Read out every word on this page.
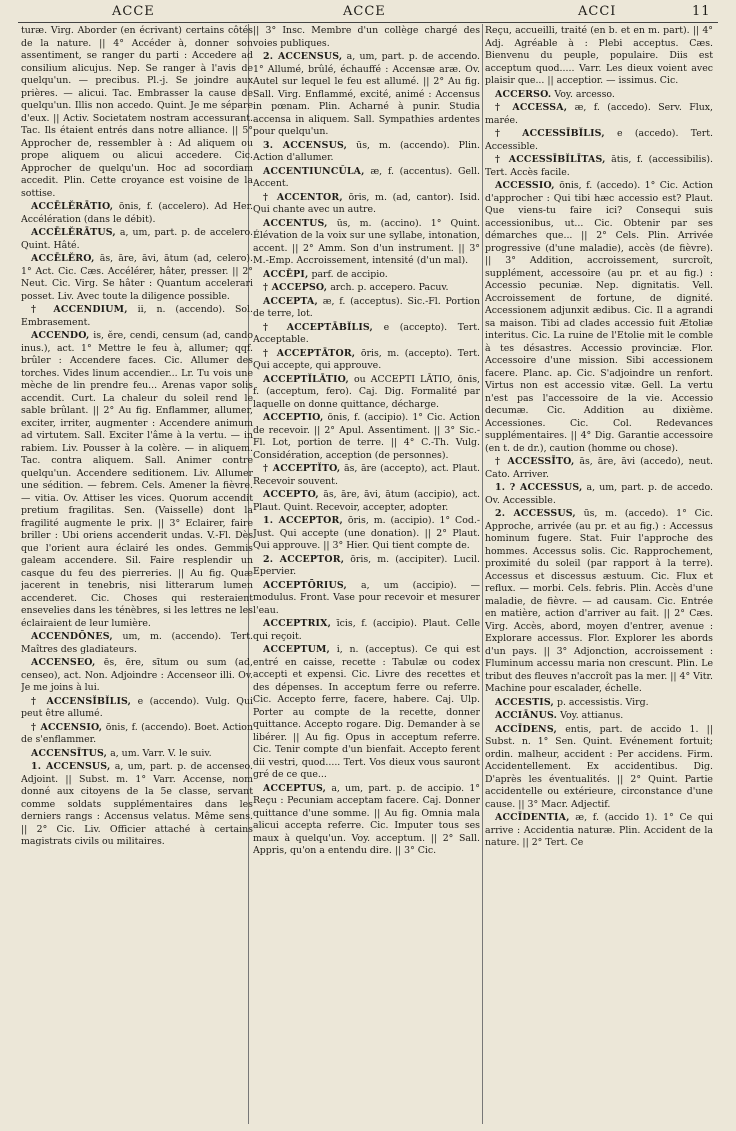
ACCE	ACCE	ACCI	11

turæ. Virg. Aborder (en écrivant) certains côtés de la nature. || 4° Accéder à, donner son assentiment, se ranger du parti : Accedere ad consilium alicujus. Nep. Se ranger à l'avis de quelqu'un. — precibus. Pl.-j. Se joindre aux prières. — alicui. Tac. Embrasser la cause de quelqu'un. Illis non accedo. Quint. Je me sépare d'eux. || Activ. Societatem nostram accessurant. Tac. Ils étaient entrés dans notre alliance. || 5° Approcher de, ressembler à : Ad aliquem ou prope aliquem ou alicui accedere. Cic. Approcher de quelqu'un. Hoc ad socordiam accedit. Plin. Cette croyance est voisine de la sottise.

ACCĒLĔRĀTIO, ōnis, f. (accelero). Ad Her. Accélération (dans le débit).

ACCĒLĔRĀTUS, a, um, part. p. de accelero. Quint. Hâté.

ACCĒLĔRO, ās, āre, āvi, ātum (ad, celero). 1° Act. Cic. Cæs. Accélérer, hâter, presser. || 2° Neut. Cic. Virg. Se hâter : Quantum accelerari posset. Liv. Avec toute la diligence possible.

† ACCENDIUM, ii, n. (accendo). Sol. Embrasement.

ACCENDO, is, ĕre, cendi, censum (ad, cando inus.), act. 1° Mettre le feu à, allumer; qqf. brûler : Accendere faces. Cic. Allumer des torches. Vides linum accendier... Lr. Tu vois une mèche de lin prendre feu... Arenas vapor solis accendit. Curt. La chaleur du soleil rend le sable brûlant. || 2° Au fig. Enflammer, allumer, exciter, irriter, augmenter : Accendere animum ad virtutem. Sall. Exciter l'âme à la vertu. — in rabiem. Liv. Pousser à la colère. — in aliquem. Tac. contra aliquem. Sall. Animer contre quelqu'un. Accendere seditionem. Liv. Allumer une sédition. — febrem. Cels. Amener la fièvre. — vitia. Ov. Attiser les vices. Quorum accendit pretium fragilitas. Sen. (Vaisselle) dont la fragilité augmente le prix. || 3° Eclairer, faire briller : Ubi oriens accenderit undas. V.-Fl. Dès que l'orient aura éclairé les ondes. Gemmis galeam accendere. Sil. Faire resplendir un casque du feu des pierreries. || Au fig. Quæ jacerent in tenebris, nisi litterarum lumen accenderet. Cic. Choses qui resteraient ensevelies dans les ténèbres, si les lettres ne les éclairaient de leur lumière.

ACCENDŌNES, um, m. (accendo). Tert. Maîtres des gladiateurs.

ACCENSEO, ēs, ēre, sītum ou sum (ad, censeo), act. Non. Adjoindre : Accenseor illi. Ov. Je me joins à lui.

† ACCENSĬBĬLIS, e (accendo). Vulg. Qui peut être allumé.

† ACCENSIO, ōnis, f. (accendo). Boet. Action de s'enflammer.

ACCENSĪTUS, a, um. Varr. V. le suiv.

1. ACCENSUS, a, um, part. p. de accenseo. Adjoint. || Subst. m. 1° Varr. Accense, nom donné aux citoyens de la 5e classe, servant comme soldats supplémentaires dans les derniers rangs : Accensus velatus. Même sens. || 2° Cic. Liv. Officier attaché à certains magistrats civils ou militaires.

|| 3° Insc. Membre d'un collège chargé des voies publiques.

2. ACCENSUS, a, um, part. p. de accendo. 1° Allumé, brûlé, échauffé : Accensæ aræ. Ov. Autel sur lequel le feu est allumé. || 2° Au fig. Sall. Virg. Enflammé, excité, animé : Accensus in pœnam. Plin. Acharné à punir. Studia accensa in aliquem. Sall. Sympathies ardentes pour quelqu'un.

3. ACCENSUS, ūs, m. (accendo). Plin. Action d'allumer.

ACCENTIUNCŬLA, æ, f. (accentus). Gell. Accent.

† ACCENTOR, ōris, m. (ad, cantor). Isid. Qui chante avec un autre.

ACCENTUS, ūs, m. (accino). 1° Quint. Élévation de la voix sur une syllabe, intonation, accent. || 2° Amm. Son d'un instrument. || 3° M.-Emp. Accroissement, intensité (d'un mal).

ACCĒPI, parf. de accipio.

† ACCEPSO, arch. p. accepero. Pacuv.

ACCEPTA, æ, f. (acceptus). Sic.-Fl. Portion de terre, lot.

† ACCEPTĀBĬLIS, e (accepto). Tert. Acceptable.

† ACCEPTĀTOR, ōris, m. (accepto). Tert. Qui accepte, qui approuve.

ACCEPTĬLĀTIO, ou ACCEPTI LĀTIO, ōnis, f. (acceptum, fero). Caj. Dig. Formalité par laquelle on donne quittance, décharge.

ACCEPTIO, ōnis, f. (accipio). 1° Cic. Action de recevoir. || 2° Apul. Assentiment. || 3° Sic.-Fl. Lot, portion de terre. || 4° C.-Th. Vulg. Considération, acception (de personnes).

† ACCEPTĬTO, ās, āre (accepto), act. Plaut. Recevoir souvent.

ACCEPTO, ās, āre, āvi, ātum (accipio), act. Plaut. Quint. Recevoir, accepter, adopter.

1. ACCEPTOR, ōris, m. (accipio). 1° Cod.-Just. Qui accepte (une donation). || 2° Plaut. Qui approuve. || 3° Hier. Qui tient compte de.

2. ACCEPTOR, ōris, m. (accipiter). Lucil. Epervier.

ACCEPTŌRIUS, a, um (accipio). — modulus. Front. Vase pour recevoir et mesurer l'eau.

ACCEPTRIX, īcis, f. (accipio). Plaut. Celle qui reçoit.

ACCEPTUM, i, n. (acceptus). Ce qui est entré en caisse, recette : Tabulæ ou codex accepti et expensi. Cic. Livre des recettes et des dépenses. In acceptum ferre ou referre. Cic. Accepto ferre, facere, habere. Caj. Ulp. Porter au compte de la recette, donner quittance. Accepto rogare. Dig. Demander à se libérer. || Au fig. Opus in acceptum referre. Cic. Tenir compte d'un bienfait. Accepto ferent dii vestri, quod..... Tert. Vos dieux vous sauront gré de ce que...

ACCEPTUS, a, um, part. p. de accipio. 1° Reçu : Pecuniam acceptam facere. Caj. Donner quittance d'une somme. || Au fig. Omnia mala alicui accepta referre. Cic. Imputer tous ses maux à quelqu'un. Voy. acceptum. || 2° Sall. Appris, qu'on a entendu dire. || 3° Cic.

Reçu, accueilli, traité (en b. et en m. part). || 4° Adj. Agréable à : Plebi acceptus. Cæs. Bienvenu du peuple, populaire. Diis est acceptum quod..... Varr. Les dieux voient avec plaisir que... || acceptior. — issimus. Cic.

ACCERSO. Voy. arcesso.

† ACCESSA, æ, f. (accedo). Serv. Flux, marée.

† ACCESSĪBĬLIS, e (accedo). Tert. Accessible.

† ACCESSĪBĬLĪTAS, ātis, f. (accessibilis). Tert. Accès facile.

ACCESSIO, ōnis, f. (accedo). 1° Cic. Action d'approcher : Qui tibi hæc accessio est? Plaut. Que viens-tu faire ici? Consequi suis accessionibus, ut... Cic. Obtenir par ses démarches que... || 2° Cels. Plin. Arrivée progressive (d'une maladie), accès (de fièvre). || 3° Addition, accroissement, surcroît, supplément, accessoire (au pr. et au fig.) : Accessio pecuniæ. Nep. dignitatis. Vell. Accroissement de fortune, de dignité. Accessionem adjunxit ædibus. Cic. Il a agrandi sa maison. Tibi ad clades accessio fuit Ætoliæ interitus. Cic. La ruine de l'Etolie mit le comble à tes désastres. Accessio provinciæ. Flor. Accessoire d'une mission. Sibi accessionem facere. Planc. ap. Cic. S'adjoindre un renfort. Virtus non est accessio vitæ. Gell. La vertu n'est pas l'accessoire de la vie. Accessio decumæ. Cic. Addition au dixième. Accessiones. Cic. Col. Redevances supplémentaires. || 4° Dig. Garantie accessoire (en t. de dr.), caution (homme ou chose).

† ACCESSĪTO, ās, āre, āvi (accedo), neut. Cato. Arriver.

1. ? ACCESSUS, a, um, part. p. de accedo. Ov. Accessible.

2. ACCESSUS, ūs, m. (accedo). 1° Cic. Approche, arrivée (au pr. et au fig.) : Accessus hominum fugere. Stat. Fuir l'approche des hommes. Accessus solis. Cic. Rapprochement, proximité du soleil (par rapport à la terre). Accessus et discessus æstuum. Cic. Flux et reflux. — morbi. Cels. febris. Plin. Accès d'une maladie, de fièvre. — ad causam. Cic. Entrée en matière, action d'arriver au fait. || 2° Cæs. Virg. Accès, abord, moyen d'entrer, avenue : Explorare accessus. Flor. Explorer les abords d'un pays. || 3° Adjonction, accroissement : Fluminum accessu maria non crescunt. Plin. Le tribut des fleuves n'accroît pas la mer. || 4° Vitr. Machine pour escalader, échelle.

ACCESTIS, p. accessistis. Virg.

ACCIĀNUS. Voy. attianus.

ACCĪDENS, entis, part. de accido 1. || Subst. n. 1° Sen. Quint. Evénement fortuit; ordin. malheur, accident : Per accidens. Firm. Accidentellement. Ex accidentibus. Dig. D'après les éventualités. || 2° Quint. Partie accidentelle ou extérieure, circonstance d'une cause. || 3° Macr. Adjectif.

ACCĪDENTIA, æ, f. (accido 1). 1° Ce qui arrive : Accidentia naturæ. Plin. Accident de la nature. || 2° Tert. Ce
